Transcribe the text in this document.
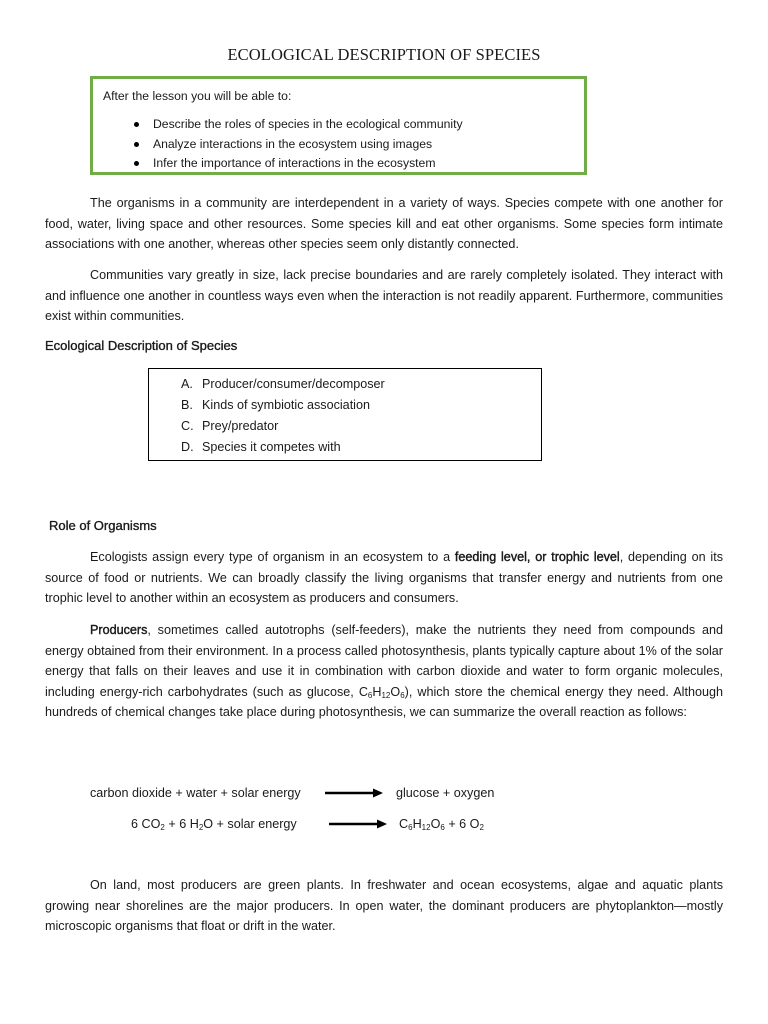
ECOLOGICAL DESCRIPTION OF SPECIES

After the lesson you will be able to:

Describe the roles of species in the ecological community
Analyze interactions in the ecosystem using images
Infer the importance of interactions in the ecosystem

The organisms in a community are interdependent in a variety of ways. Species compete with one another for food, water, living space and other resources. Some species kill and eat other organisms. Some species form intimate associations with one another, whereas other species seem only distantly connected.

Communities vary greatly in size, lack precise boundaries and are rarely completely isolated. They interact with and influence one another in countless ways even when the interaction is not readily apparent. Furthermore, communities exist within communities.

Ecological Description of Species
A. Producer/consumer/decomposer
B. Kinds of symbiotic association
C. Prey/predator
D. Species it competes with
Role of Organisms

Ecologists assign every type of organism in an ecosystem to a feeding level, or trophic level, depending on its source of food or nutrients. We can broadly classify the living organisms that transfer energy and nutrients from one trophic level to another within an ecosystem as producers and consumers.

Producers, sometimes called autotrophs (self-feeders), make the nutrients they need from compounds and energy obtained from their environment. In a process called photosynthesis, plants typically capture about 1% of the solar energy that falls on their leaves and use it in combination with carbon dioxide and water to form organic molecules, including energy-rich carbohydrates (such as glucose, $C_6H_{12}O_6$), which store the chemical energy they need. Although hundreds of chemical changes take place during photosynthesis, we can summarize the overall reaction as follows:

carbon dioxide + water + solar energy	glucose + oxygen
6 $CO_2 + 6$ $H_2O$ + solar energy	$C_6H_{12}O_6 + 6$ $O_2$

On land, most producers are green plants. In freshwater and ocean ecosystems, algae and aquatic plants growing near shorelines are the major producers. In open water, the dominant producers are phytoplankton—mostly microscopic organisms that float or drift in the water.
